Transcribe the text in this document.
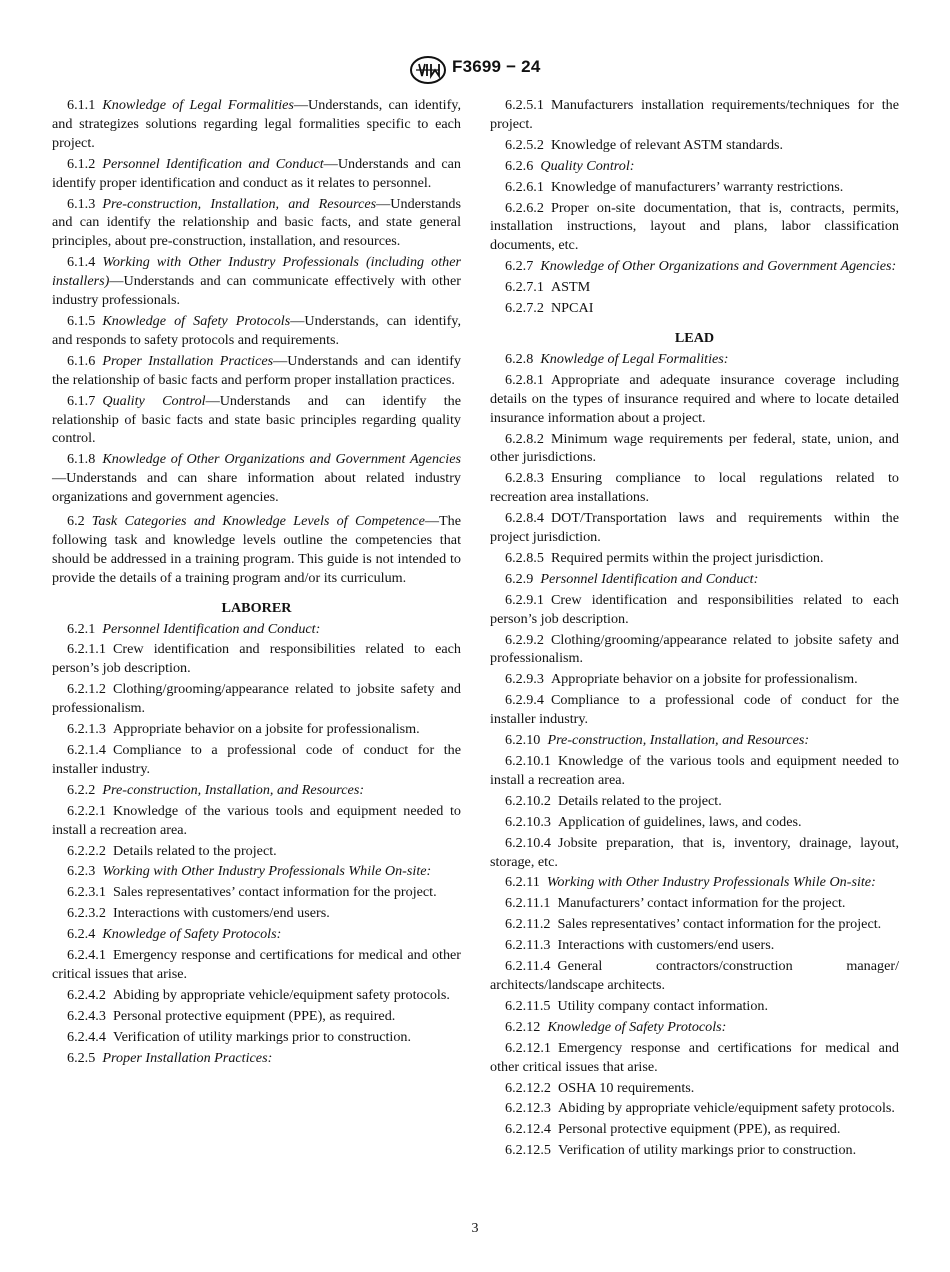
F3699 − 24

6.1.1  Knowledge of Legal Formalities—Understands, can identify, and strategizes solutions regarding legal formalities specific to each project.

6.1.2  Personnel Identification and Conduct—Understands and can identify proper identification and conduct as it relates to personnel.

6.1.3  Pre-construction, Installation, and Resources—Understands and can identify the relationship and basic facts, and state general principles, about pre-construction, installation, and resources.

6.1.4  Working with Other Industry Professionals (including other installers)—Understands and can communicate effectively with other industry professionals.

6.1.5  Knowledge of Safety Protocols—Understands, can identify, and responds to safety protocols and requirements.

6.1.6  Proper Installation Practices—Understands and can identify the relationship of basic facts and perform proper installation practices.

6.1.7  Quality Control—Understands and can identify the relationship of basic facts and state basic principles regarding quality control.

6.1.8  Knowledge of Other Organizations and Government Agencies—Understands and can share information about related industry organizations and government agencies.

6.2  Task Categories and Knowledge Levels of Competence—The following task and knowledge levels outline the competencies that should be addressed in a training program. This guide is not intended to provide the details of a training program and/or its curriculum.

LABORER

6.2.1  Personnel Identification and Conduct:

6.2.1.1  Crew identification and responsibilities related to each person’s job description.

6.2.1.2  Clothing/grooming/appearance related to jobsite safety and professionalism.

6.2.1.3  Appropriate behavior on a jobsite for professionalism.

6.2.1.4  Compliance to a professional code of conduct for the installer industry.

6.2.2  Pre-construction, Installation, and Resources:

6.2.2.1  Knowledge of the various tools and equipment needed to install a recreation area.

6.2.2.2  Details related to the project.

6.2.3  Working with Other Industry Professionals While On-site:

6.2.3.1  Sales representatives’ contact information for the project.

6.2.3.2  Interactions with customers/end users.

6.2.4  Knowledge of Safety Protocols:

6.2.4.1  Emergency response and certifications for medical and other critical issues that arise.

6.2.4.2  Abiding by appropriate vehicle/equipment safety protocols.

6.2.4.3  Personal protective equipment (PPE), as required.

6.2.4.4  Verification of utility markings prior to construction.

6.2.5  Proper Installation Practices:

6.2.5.1  Manufacturers installation requirements/techniques for the project.

6.2.5.2  Knowledge of relevant ASTM standards.

6.2.6  Quality Control:

6.2.6.1  Knowledge of manufacturers’ warranty restrictions.

6.2.6.2  Proper on-site documentation, that is, contracts, permits, installation instructions, layout and plans, labor classification documents, etc.

6.2.7  Knowledge of Other Organizations and Government Agencies:

6.2.7.1  ASTM

6.2.7.2  NPCAI

LEAD

6.2.8  Knowledge of Legal Formalities:

6.2.8.1  Appropriate and adequate insurance coverage including details on the types of insurance required and where to locate detailed insurance information about a project.

6.2.8.2  Minimum wage requirements per federal, state, union, and other jurisdictions.

6.2.8.3  Ensuring compliance to local regulations related to recreation area installations.

6.2.8.4  DOT/Transportation laws and requirements within the project jurisdiction.

6.2.8.5  Required permits within the project jurisdiction.

6.2.9  Personnel Identification and Conduct:

6.2.9.1  Crew identification and responsibilities related to each person’s job description.

6.2.9.2  Clothing/grooming/appearance related to jobsite safety and professionalism.

6.2.9.3  Appropriate behavior on a jobsite for professionalism.

6.2.9.4  Compliance to a professional code of conduct for the installer industry.

6.2.10  Pre-construction, Installation, and Resources:

6.2.10.1  Knowledge of the various tools and equipment needed to install a recreation area.

6.2.10.2  Details related to the project.

6.2.10.3  Application of guidelines, laws, and codes.

6.2.10.4  Jobsite preparation, that is, inventory, drainage, layout, storage, etc.

6.2.11  Working with Other Industry Professionals While On-site:

6.2.11.1  Manufacturers’ contact information for the project.

6.2.11.2  Sales representatives’ contact information for the project.

6.2.11.3  Interactions with customers/end users.

6.2.11.4  General contractors/construction manager/ architects/landscape architects.

6.2.11.5  Utility company contact information.

6.2.12  Knowledge of Safety Protocols:

6.2.12.1  Emergency response and certifications for medical and other critical issues that arise.

6.2.12.2  OSHA 10 requirements.

6.2.12.3  Abiding by appropriate vehicle/equipment safety protocols.

6.2.12.4  Personal protective equipment (PPE), as required.

6.2.12.5  Verification of utility markings prior to construction.

3
